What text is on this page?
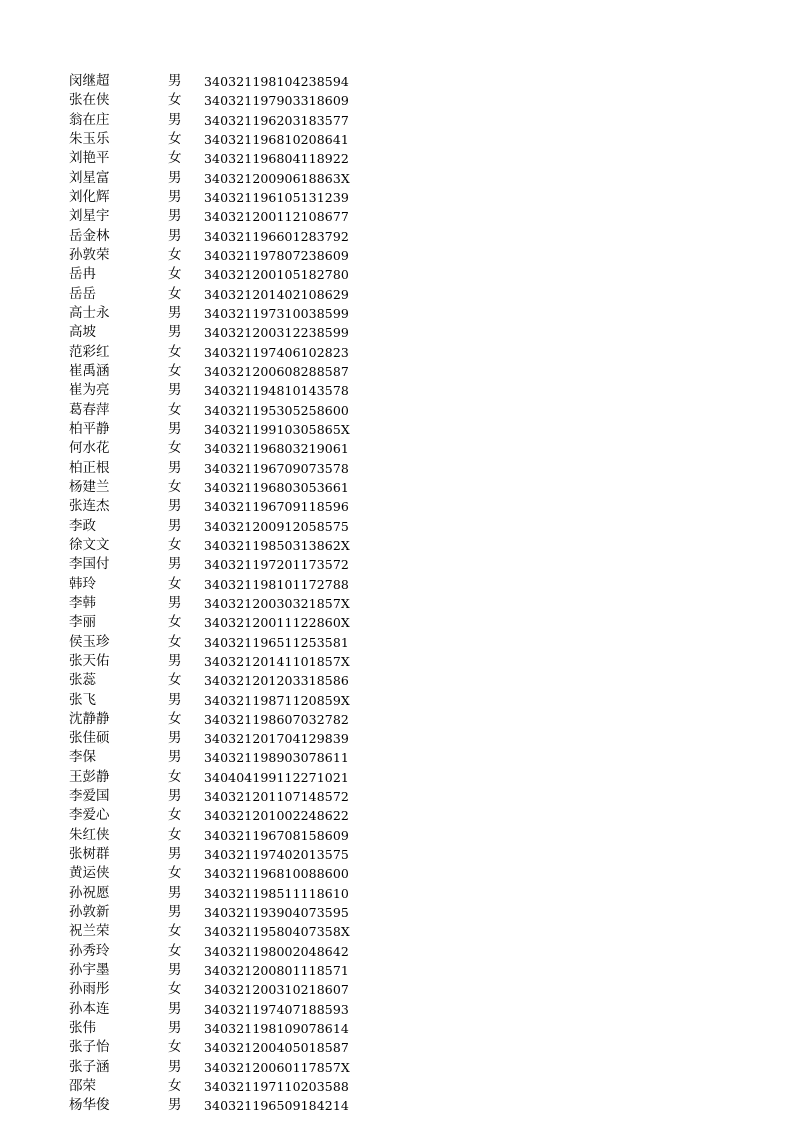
闵继超	男	340321198104238594
张在侠	女	340321197903318609
翁在庄	男	340321196203183577
朱玉乐	女	340321196810208641
刘艳平	女	340321196804118922
刘星富	男	34032120090618863X
刘化辉	男	340321196105131239
刘星宇	男	340321200112108677
岳金林	男	340321196601283792
孙敦荣	女	340321197807238609
岳冉	女	340321200105182780
岳岳	女	340321201402108629
高士永	男	340321197310038599
高坡	男	340321200312238599
范彩红	女	340321197406102823
崔禹涵	女	340321200608288587
崔为亮	男	340321194810143578
葛春萍	女	340321195305258600
柏平静	男	34032119910305865X
何水花	女	340321196803219061
柏正根	男	340321196709073578
杨建兰	女	340321196803053661
张连杰	男	340321196709118596
李政	男	340321200912058575
徐文文	女	34032119850313862X
李国付	男	340321197201173572
韩玲	女	340321198101172788
李韩	男	34032120030321857X
李丽	女	34032120011122860X
侯玉珍	女	340321196511253581
张天佑	男	34032120141101857X
张蕊	女	340321201203318586
张飞	男	34032119871120859X
沈静静	女	340321198607032782
张佳硕	男	340321201704129839
李保	男	340321198903078611
王彭静	女	340404199112271021
李爱国	男	340321201107148572
李爱心	女	340321201002248622
朱红侠	女	340321196708158609
张树群	男	340321197402013575
黄运侠	女	340321196810088600
孙祝愿	男	340321198511118610
孙敦新	男	340321193904073595
祝兰荣	女	34032119580407358X
孙秀玲	女	340321198002048642
孙宇墨	男	340321200801118571
孙雨彤	女	340321200310218607
孙本连	男	340321197407188593
张伟	男	340321198109078614
张子怡	女	340321200405018587
张子涵	男	34032120060117857X
邵荣	女	340321197110203588
杨华俊	男	340321196509184214
